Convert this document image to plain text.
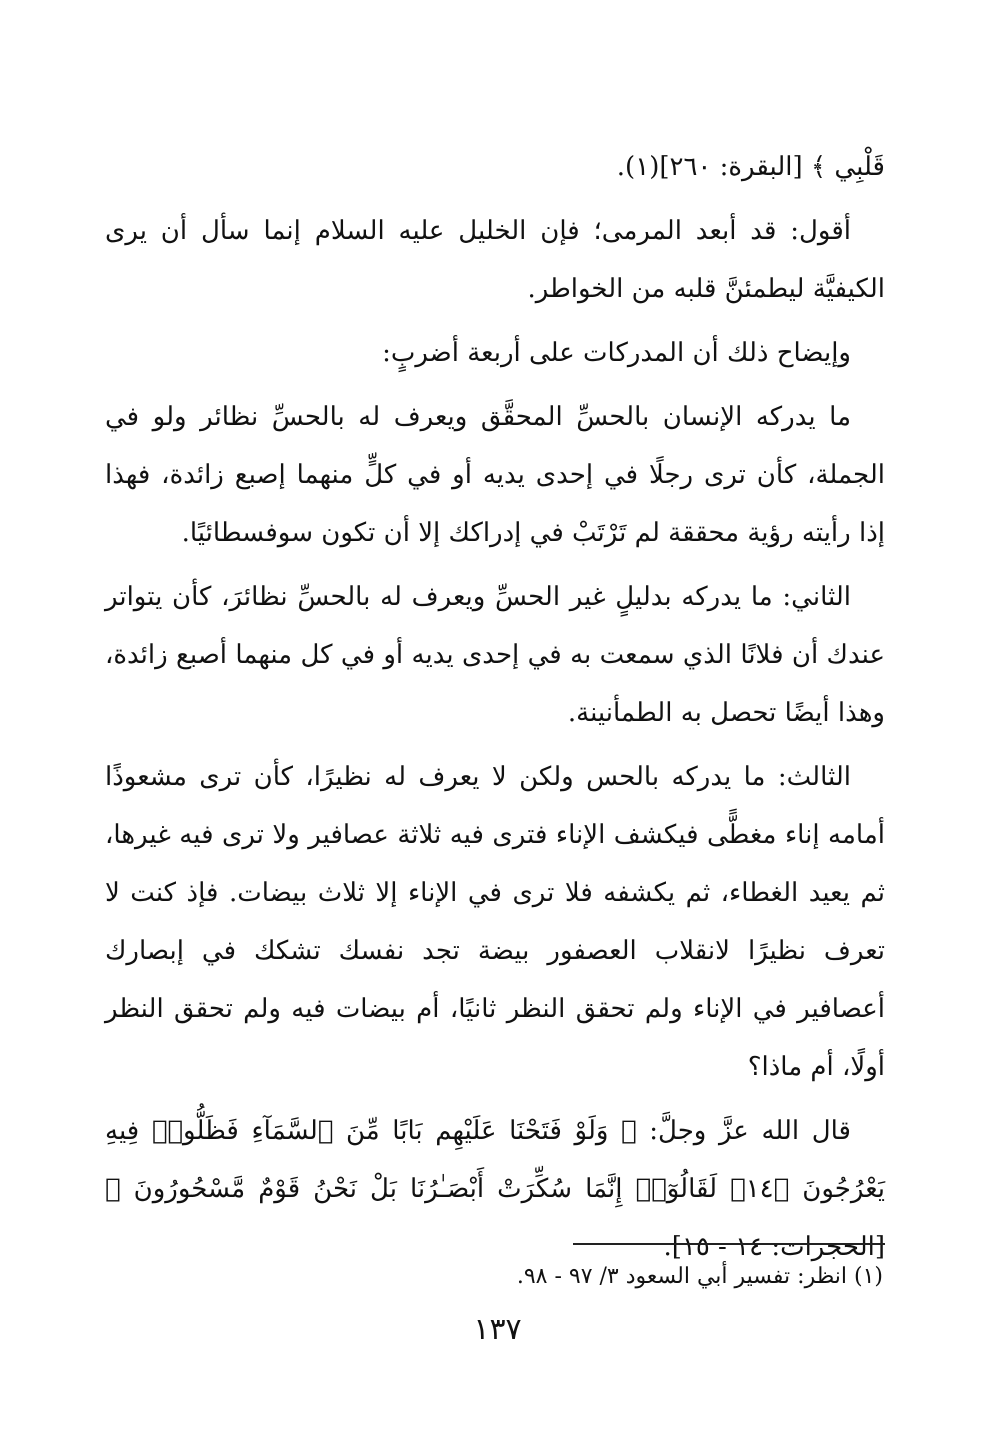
قَلْبِي ﴾ [البقرة: ٢٦٠](١).

أقول: قد أبعد المرمى؛ فإن الخليل عليه السلام إنما سأل أن يرى الكيفيَّة ليطمئنَّ قلبه من الخواطر.

وإيضاح ذلك أن المدركات على أربعة أضربٍ:

ما يدركه الإنسان بالحسِّ المحقَّق ويعرف له بالحسِّ نظائر ولو في الجملة، كأن ترى رجلًا في إحدى يديه أو في كلٍّ منهما إصبع زائدة، فهذا إذا رأيته رؤية محققة لم تَرْتَبْ في إدراكك إلا أن تكون سوفسطائيًا.

الثاني: ما يدركه بدليلٍ غير الحسِّ ويعرف له بالحسِّ نظائرَ، كأن يتواتر عندك أن فلانًا الذي سمعت به في إحدى يديه أو في كل منهما أصبع زائدة، وهذا أيضًا تحصل به الطمأنينة.

الثالث: ما يدركه بالحس ولكن لا يعرف له نظيرًا، كأن ترى مشعوذًا أمامه إناء مغطًّى فيكشف الإناء فترى فيه ثلاثة عصافير ولا ترى فيه غيرها، ثم يعيد الغطاء، ثم يكشفه فلا ترى في الإناء إلا ثلاث بيضات. فإذ كنت لا تعرف نظيرًا لانقلاب العصفور بيضة تجد نفسك تشكك في إبصارك أعصافير في الإناء ولم تحقق النظر ثانيًا، أم بيضات فيه ولم تحقق النظر أولًا، أم ماذا؟

قال الله عزَّ وجلَّ: ﴿ وَلَوْ فَتَحْنَا عَلَيْهِم بَابًا مِّنَ ٱلسَّمَآءِ فَظَلُّوا۟ فِيهِ يَعْرُجُونَ ﴿١٤﴾ لَقَالُوٓا۟ إِنَّمَا سُكِّرَتْ أَبْصَـٰرُنَا بَلْ نَحْنُ قَوْمٌ مَّسْحُورُونَ ﴾ [الحجرات: ١٤ - ١٥].

(١) انظر: تفسير أبي السعود ٣/ ٩٧ - ٩٨.
١٣٧
